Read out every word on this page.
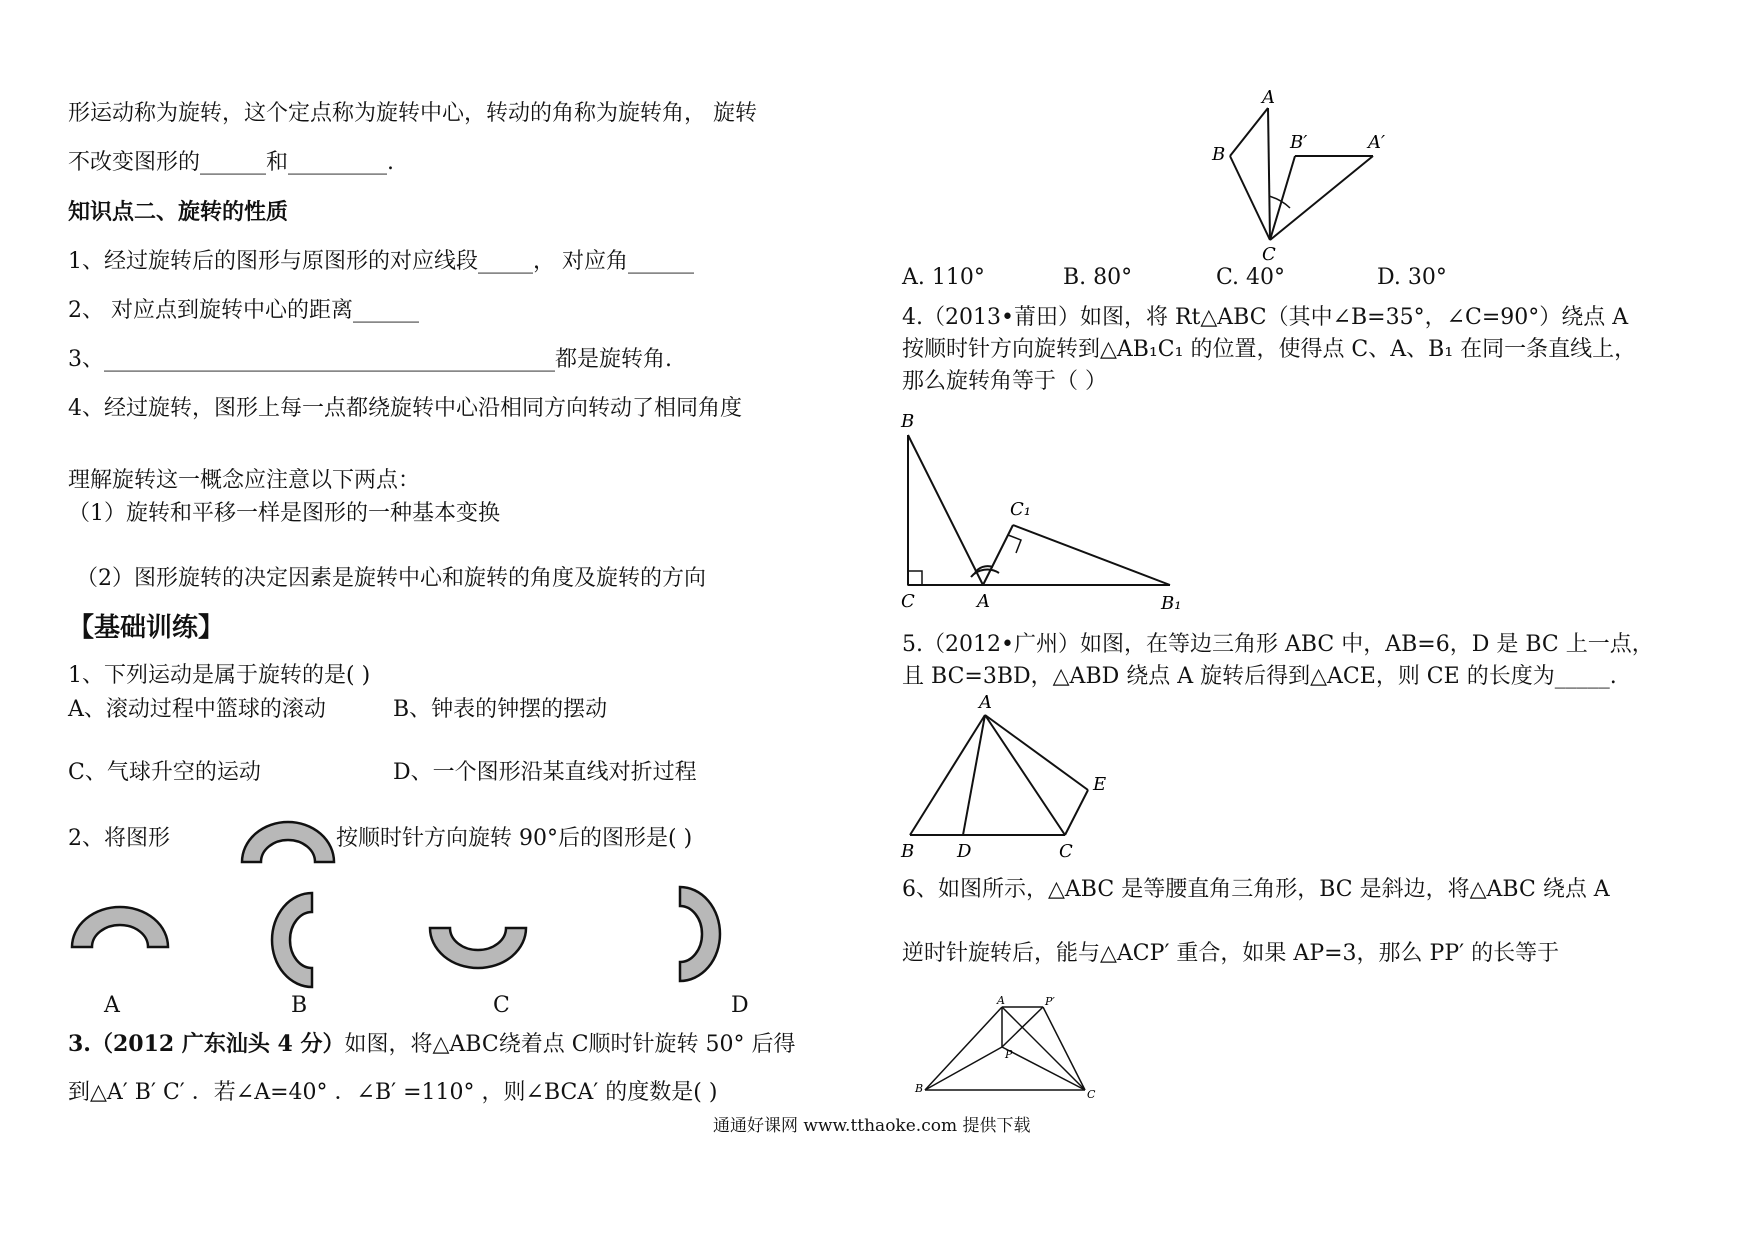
形运动称为旋转，这个定点称为旋转中心，转动的角称为旋转角， 旋转
不改变图形的______和_________.
知识点二、旋转的性质
1、经过旋转后的图形与原图形的对应线段_____， 对应角______
2、 对应点到旋转中心的距离______
3、_________________________________________都是旋转角.
4、经过旋转，图形上每一点都绕旋转中心沿相同方向转动了相同角度
理解旋转这一概念应注意以下两点：
（1）旋转和平移一样是图形的一种基本变换
（2）图形旋转的决定因素是旋转中心和旋转的角度及旋转的方向
【基础训练】
1、下列运动是属于旋转的是( )
A、滚动过程中篮球的滚动	B、钟表的钟摆的摆动
C、气球升空的运动	D、一个图形沿某直线对折过程
2、将图形	按顺时针方向旋转 90°后的图形是( )
A	B	C	D
3.（2012 广东汕头 4 分）如图，将△ABC绕着点 C顺时针旋转 50° 后得
到△A′ B′ C′ ．若∠A=40° ．∠B′ =110° ，则∠BCA′ 的度数是( )
A
B
B′	A′
C
A. 110°	B. 80°	C. 40°	D. 30°
4.（2013•莆田）如图，将 Rt△ABC（其中∠B=35°，∠C=90°）绕点 A
按顺时针方向旋转到△AB₁C₁ 的位置，使得点 C、A、B₁ 在同一条直线上，
那么旋转角等于（ ）
B
C₁
C	A	B₁
5.（2012•广州）如图，在等边三角形 ABC 中，AB=6，D 是 BC 上一点，
且 BC=3BD，△ABD 绕点 A 旋转后得到△ACE，则 CE 的长度为_____.
A
E
B D	C
6、如图所示，△ABC 是等腰直角三角形，BC 是斜边，将△ABC 绕点 A
逆时针旋转后，能与△ACP′ 重合，如果 AP=3，那么 PP′ 的长等于
A	P′
P
B	C
通通好课网 www.tthaoke.com 提供下载
